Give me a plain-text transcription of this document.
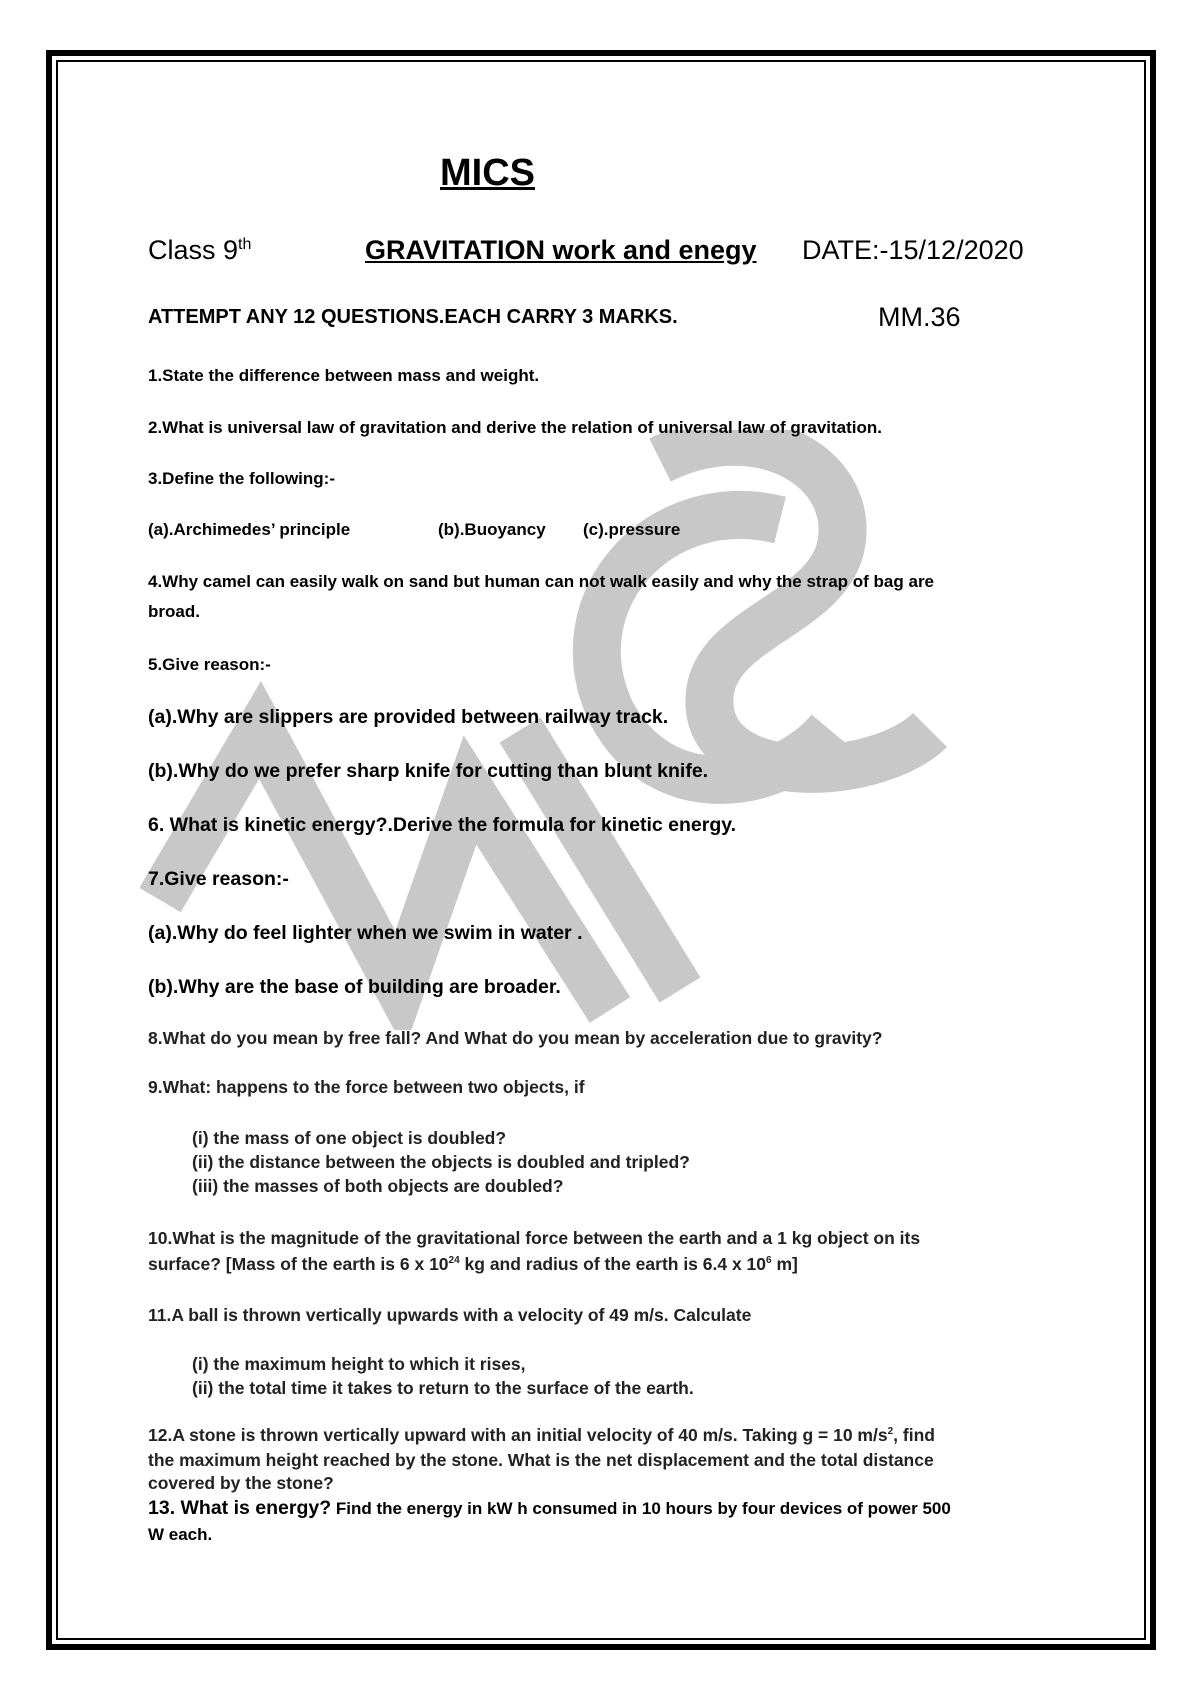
MICS
Class 9th	GRAVITATION work and enegy DATE:-15/12/2020
ATTEMPT ANY 12 QUESTIONS.EACH CARRY 3 MARKS.	MM.36
1.State the difference between mass and weight.
2.What is universal law of gravitation and derive the relation of universal law of gravitation.
3.Define the following:-
(a).Archimedes’ principle	(b).Buoyancy (c).pressure
4.Why camel can easily walk on sand but human can not walk easily and why the strap of bag are
broad.
5.Give reason:-
(a).Why are slippers are provided between railway track.
(b).Why do we prefer sharp knife for cutting than blunt knife.
6. What is kinetic energy?.Derive the formula for kinetic energy.
7.Give reason:-
(a).Why do feel lighter when we swim in water .
(b).Why are the base of building are broader.
8.What do you mean by free fall? And What do you mean by acceleration due to gravity?
9.What: happens to the force between two objects, if
(i) the mass of one object is doubled?
(ii) the distance between the objects is doubled and tripled?
(iii) the masses of both objects are doubled?
10.What is the magnitude of the gravitational force between the earth and a 1 kg object on its
surface? [Mass of the earth is 6 x $10^{24}$ kg and radius of the earth is 6.4 x $10^6$ m]
11.A ball is thrown vertically upwards with a velocity of 49 m/s. Calculate
(i) the maximum height to which it rises,
(ii) the total time it takes to return to the surface of the earth.
12.A stone is thrown vertically upward with an initial velocity of 40 m/s. Taking g = 10 $m/s^2$, find
the maximum height reached by the stone. What is the net displacement and the total distance
covered by the stone?
13. What is energy? Find the energy in kW h consumed in 10 hours by four devices of power 500
W each.
